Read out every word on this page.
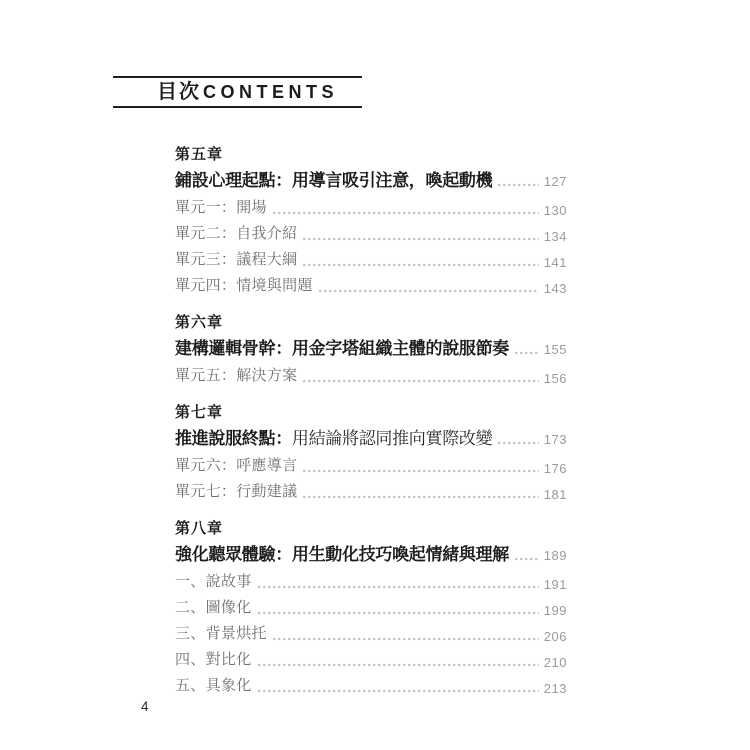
目次 CONTENTS
第五章
鋪設心理起點：用導言吸引注意，喚起動機	127
單元一：開場	130
單元二：自我介紹	134
單元三：議程大綱	141
單元四：情境與問題	143
第六章
建構邏輯骨幹：用金字塔組織主體的說服節奏	155
單元五：解決方案	156
第七章
推進說服終點： 用結論將認同推向實際改變	173
單元六：呼應導言	176
單元七：行動建議	181
第八章
強化聽眾體驗：用生動化技巧喚起情緒與理解	189
一、說故事	191
二、圖像化	199
三、背景烘托	206
四、對比化	210
五、具象化	213
4
